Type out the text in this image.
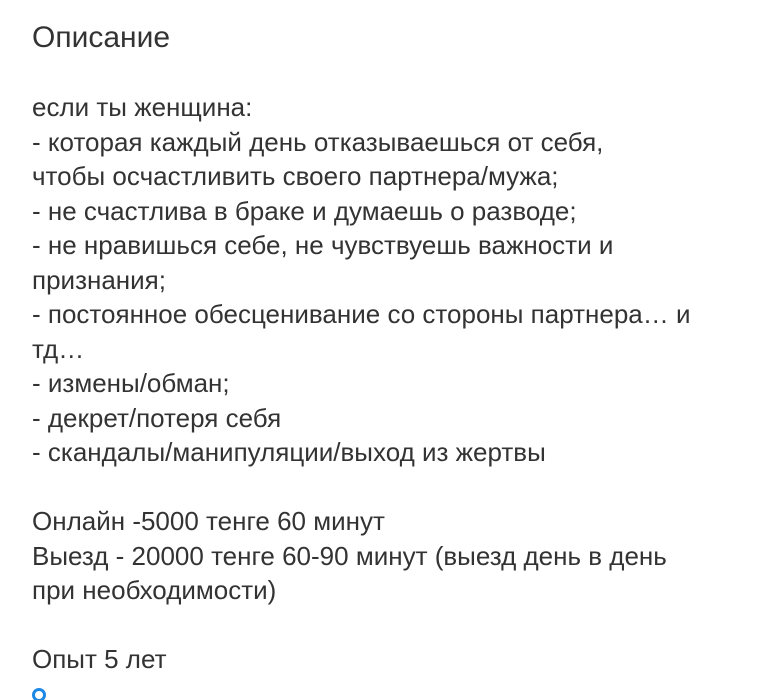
Описание
если ты женщина:
- которая каждый день отказываешься от себя,
чтобы осчастливить своего партнера/мужа;
- не счастлива в браке и думаешь о разводе;
- не нравишься себе, не чувствуешь важности и
признания;
- постоянное обесценивание со стороны партнера… и
тд…
- измены/обман;
- декрет/потеря себя
- скандалы/манипуляции/выход из жертвы
Онлайн -5000 тенге 60 минут
Выезд - 20000 тенге 60-90 минут (выезд день в день
при необходимости)
Опыт 5 лет
